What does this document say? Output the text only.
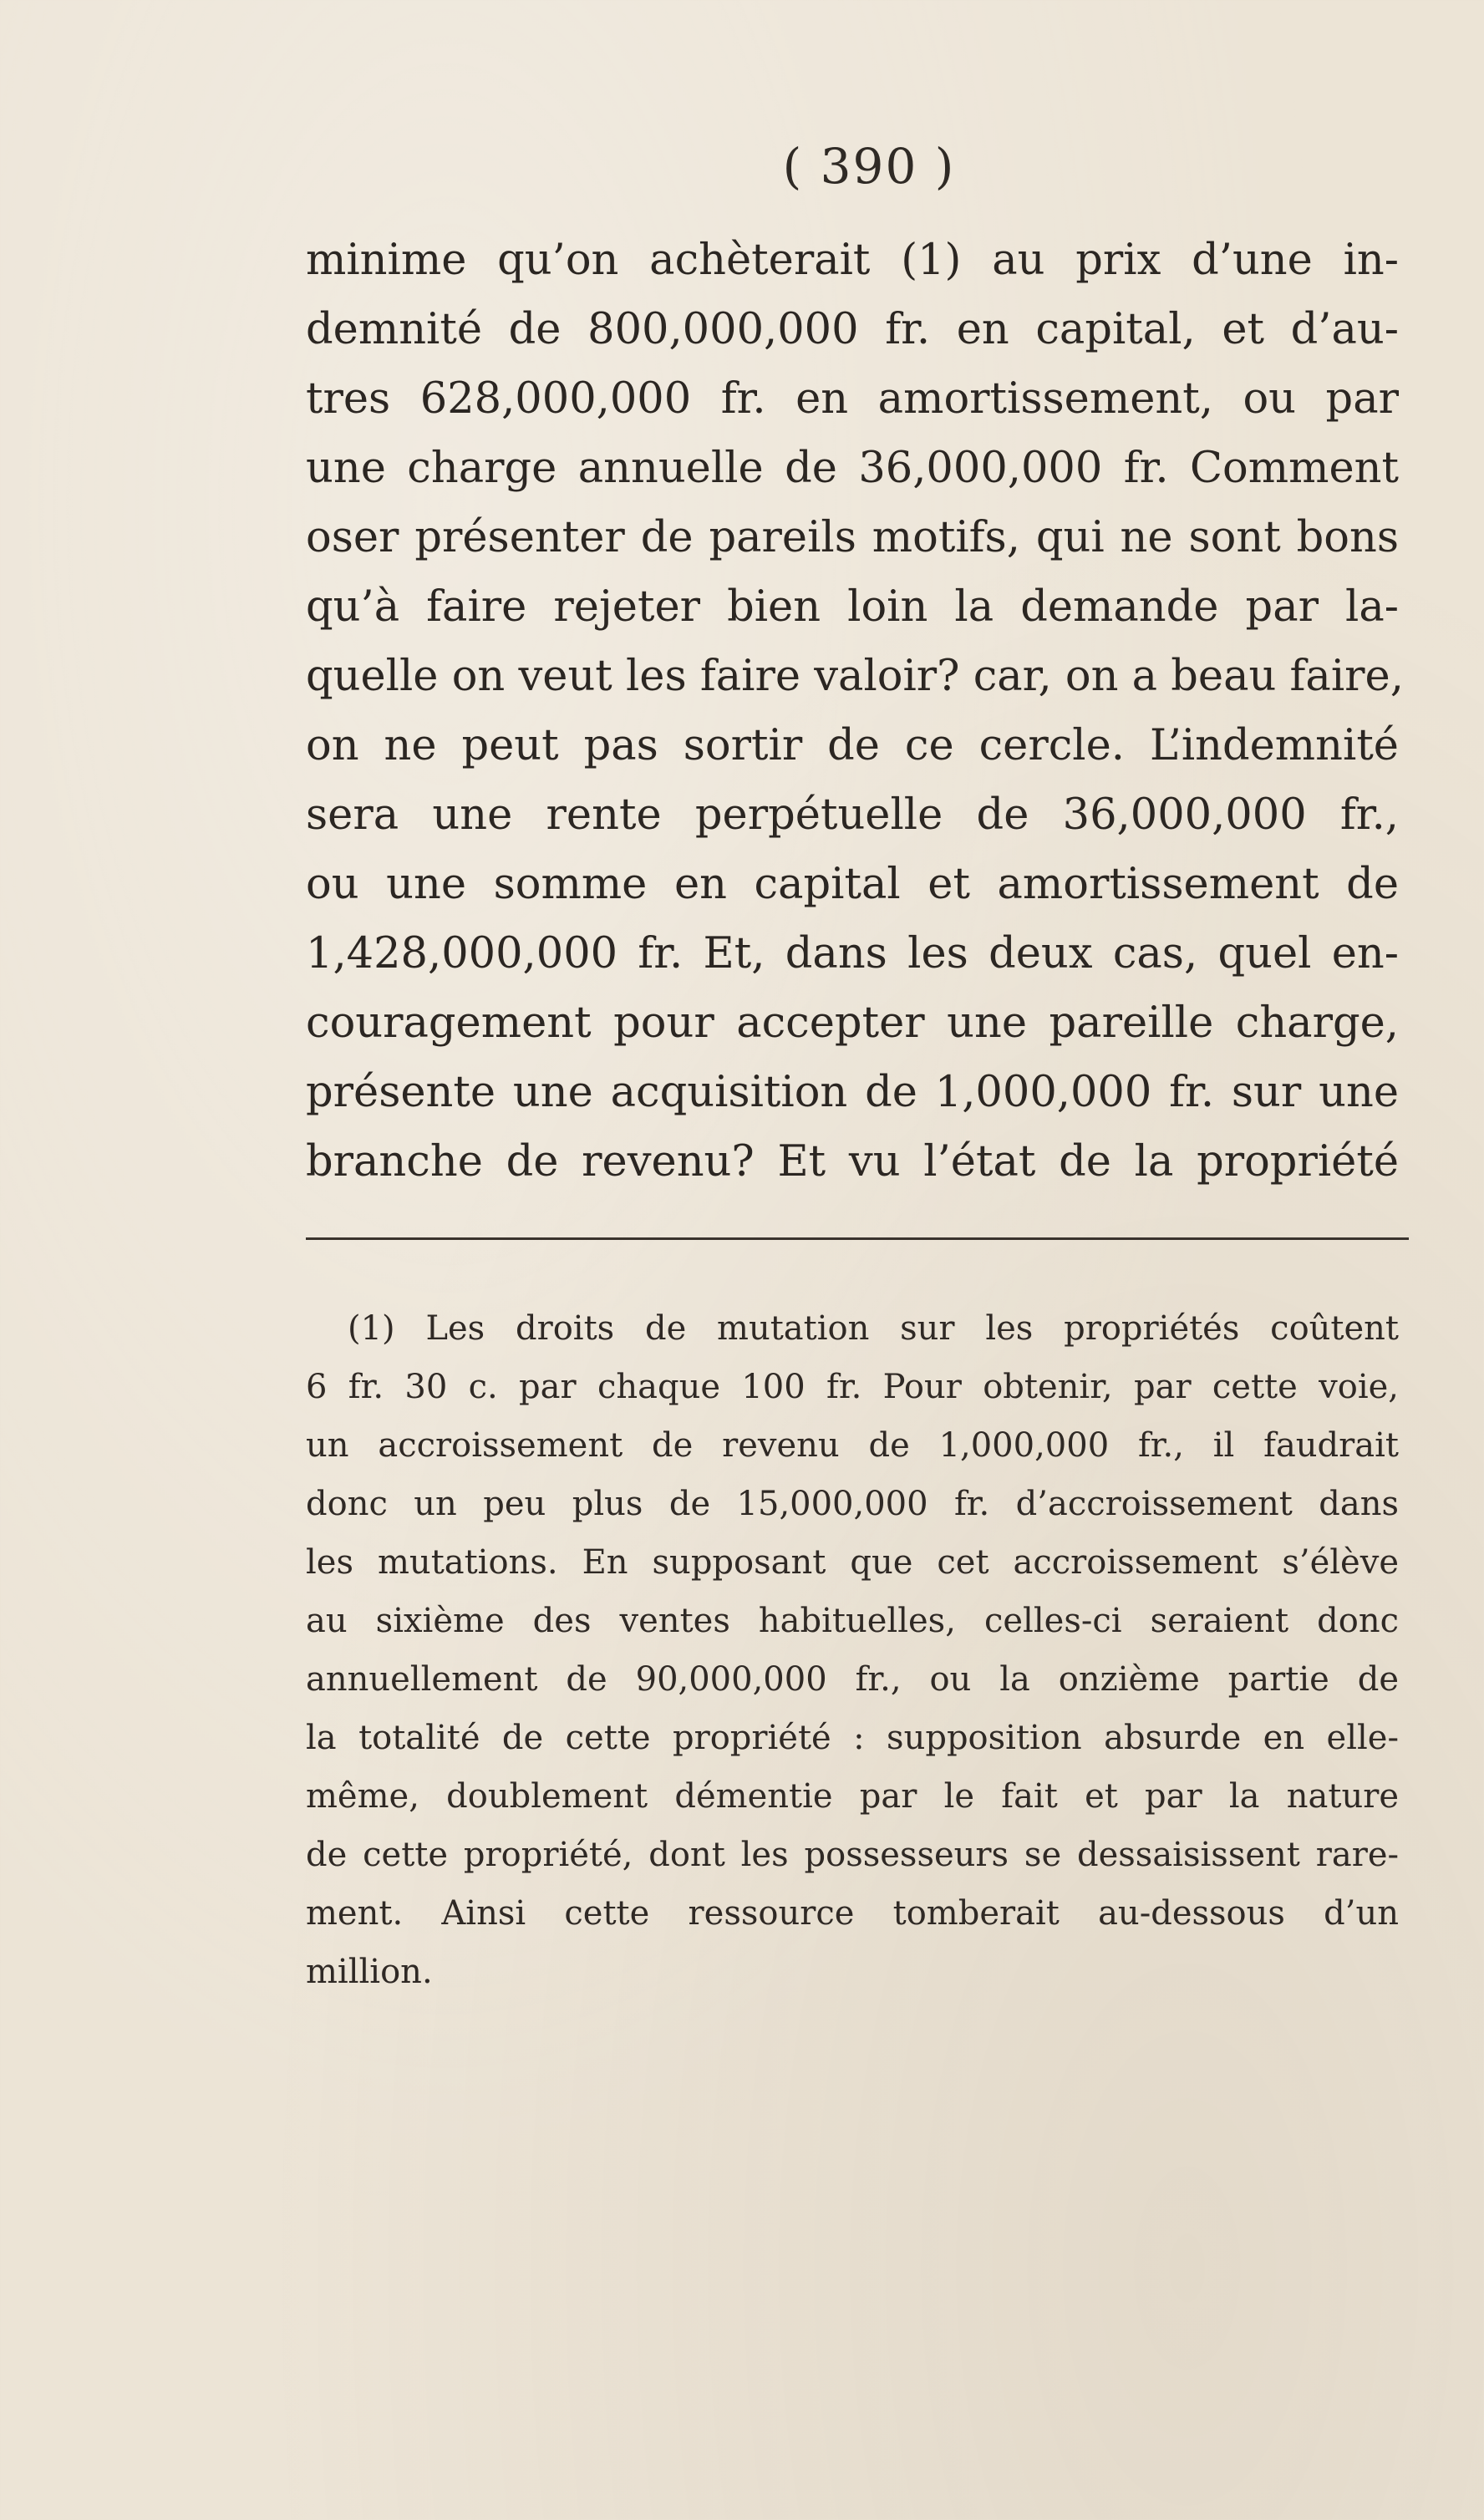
( 390 )
minime qu’on achèterait (1) au prix d’une in-
demnité de 800,000,000 fr. en capital, et d’au-
tres 628,000,000 fr. en amortissement, ou par
une charge annuelle de 36,000,000 fr. Comment
oser présenter de pareils motifs, qui ne sont bons
qu’à faire rejeter bien loin la demande par la-
quelle on veut les faire valoir? car, on a beau faire,
on ne peut pas sortir de ce cercle. L’indemnité
sera une rente perpétuelle de 36,000,000 fr.,
ou une somme en capital et amortissement de
1,428,000,000 fr. Et, dans les deux cas, quel en-
couragement pour accepter une pareille charge,
présente une acquisition de 1,000,000 fr. sur une
branche de revenu? Et vu l’état de la propriété
(1) Les droits de mutation sur les propriétés coûtent
6 fr. 30 c. par chaque 100 fr. Pour obtenir, par cette voie,
un accroissement de revenu de 1,000,000 fr., il faudrait
donc un peu plus de 15,000,000 fr. d’accroissement dans
les mutations. En supposant que cet accroissement s’élève
au sixième des ventes habituelles, celles-ci seraient donc
annuellement de 90,000,000 fr., ou la onzième partie de
la totalité de cette propriété : supposition absurde en elle-
même, doublement démentie par le fait et par la nature
de cette propriété, dont les possesseurs se dessaisissent rare-
ment. Ainsi cette ressource tomberait au-dessous d’un
million.
